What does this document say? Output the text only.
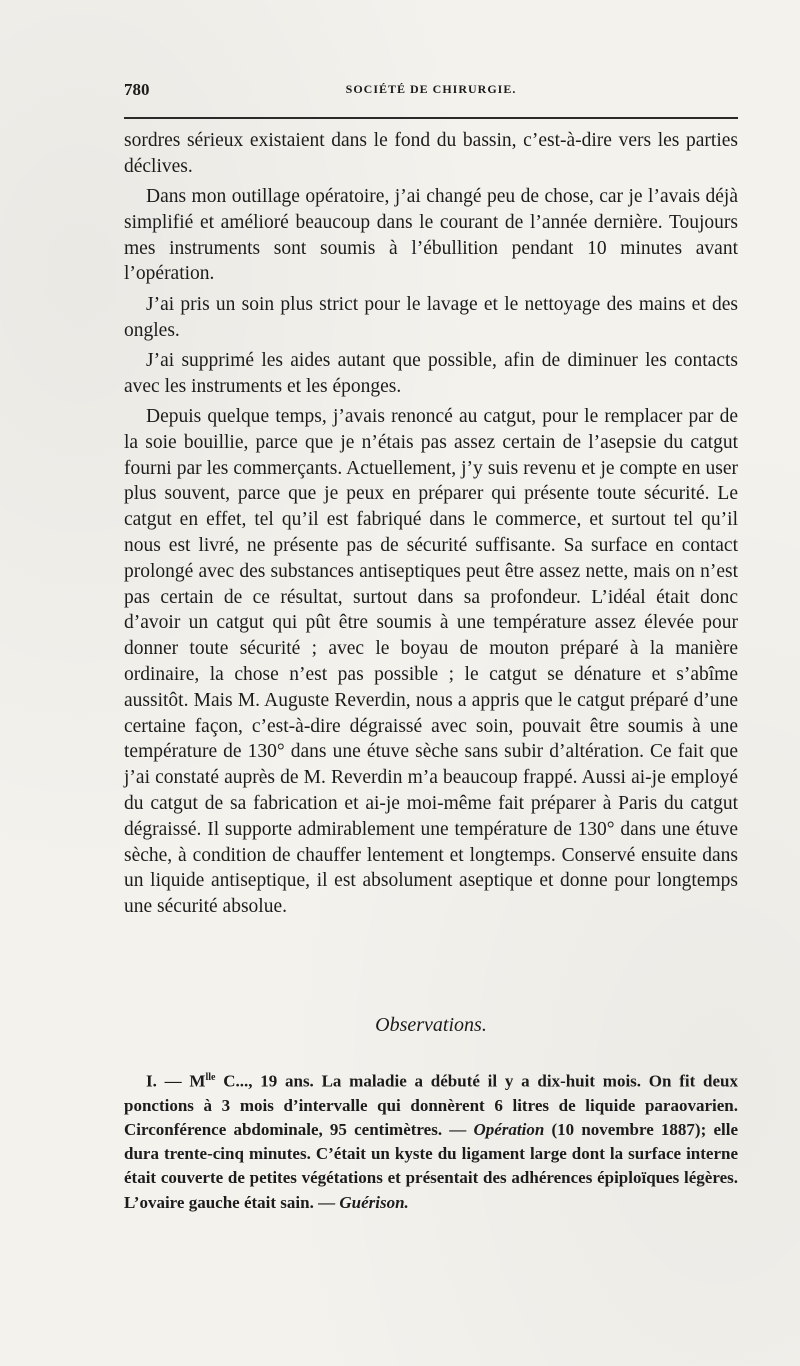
780	SOCIÉTÉ DE CHIRURGIE.

sordres sérieux existaient dans le fond du bassin, c’est-à-dire vers les parties déclives.

Dans mon outillage opératoire, j’ai changé peu de chose, car je l’avais déjà simplifié et amélioré beaucoup dans le courant de l’année dernière. Toujours mes instruments sont soumis à l’ébullition pendant 10 minutes avant l’opération.

J’ai pris un soin plus strict pour le lavage et le nettoyage des mains et des ongles.

J’ai supprimé les aides autant que possible, afin de diminuer les contacts avec les instruments et les éponges.

Depuis quelque temps, j’avais renoncé au catgut, pour le remplacer par de la soie bouillie, parce que je n’étais pas assez certain de l’asepsie du catgut fourni par les commerçants. Actuellement, j’y suis revenu et je compte en user plus souvent, parce que je peux en préparer qui présente toute sécurité. Le catgut en effet, tel qu’il est fabriqué dans le commerce, et surtout tel qu’il nous est livré, ne présente pas de sécurité suffisante. Sa surface en contact prolongé avec des substances antiseptiques peut être assez nette, mais on n’est pas certain de ce résultat, surtout dans sa profondeur. L’idéal était donc d’avoir un catgut qui pût être soumis à une température assez élevée pour donner toute sécurité ; avec le boyau de mouton préparé à la manière ordinaire, la chose n’est pas possible ; le catgut se dénature et s’abîme aussitôt. Mais M. Auguste Reverdin, nous a appris que le catgut préparé d’une certaine façon, c’est-à-dire dégraissé avec soin, pouvait être soumis à une température de 130° dans une étuve sèche sans subir d’altération. Ce fait que j’ai constaté auprès de M. Reverdin m’a beaucoup frappé. Aussi ai-je employé du catgut de sa fabrication et ai-je moi-même fait préparer à Paris du catgut dégraissé. Il supporte admirablement une température de 130° dans une étuve sèche, à condition de chauffer lentement et longtemps. Conservé ensuite dans un liquide antiseptique, il est absolument aseptique et donne pour longtemps une sécurité absolue.

Observations.

I. — $M^{lle}$ C..., 19 ans. La maladie a débuté il y a dix-huit mois. On fit deux ponctions à 3 mois d’intervalle qui donnèrent 6 litres de liquide paraovarien. Circonférence abdominale, 95 centimètres. — Opération (10 novembre 1887); elle dura trente-cinq minutes. C’était un kyste du ligament large dont la surface interne était couverte de petites végétations et présentait des adhérences épiploïques légères. L’ovaire gauche était sain. — Guérison.
